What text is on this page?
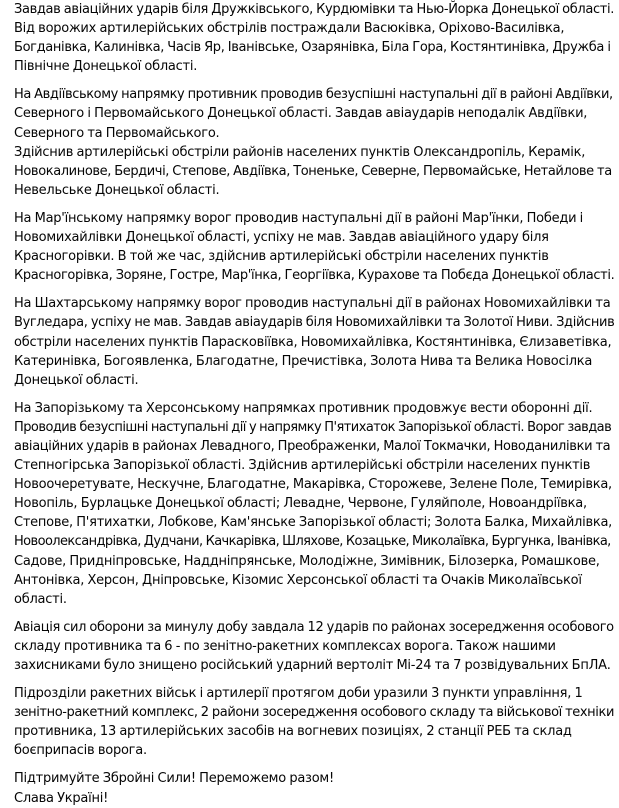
Завдав авіаційних ударів біля Дружківського, Курдюмівки та Нью-Йорка Донецької області.
Від ворожих артилерійських обстрілів постраждали Васюківка, Оріхово-Василівка,
Богданівка, Калинівка, Часів Яр, Іванівське, Озарянівка, Біла Гора, Костянтинівка, Дружба і
Північне Донецької області.

На Авдіївському напрямку противник проводив безуспішні наступальні дії в районі Авдіївки,
Северного і Первомайського Донецької області. Завдав авіаударів неподалік Авдіївки,
Северного та Первомайського.
Здійснив артилерійські обстріли районів населених пунктів Олександропіль, Керамік,
Новокалинове, Бердичі, Степове, Авдіївка, Тоненьке, Северне, Первомайське, Нетайлове та
Невельське Донецької області.

На Мар'їнському напрямку ворог проводив наступальні дії в районі Мар'їнки, Победи і
Новомихайлівки Донецької області, успіху не мав. Завдав авіаційного удару біля
Красногорівки. В той же час, здійснив артилерійські обстріли населених пунктів
Красногорівка, Зоряне, Гостре, Мар'їнка, Георгіївка, Курахове та Побєда Донецької області.

На Шахтарському напрямку ворог проводив наступальні дії в районах Новомихайлівки та
Вугледара, успіху не мав. Завдав авіаударів біля Новомихайлівки та Золотої Ниви. Здійснив
обстріли населених пунктів Парасковіївка, Новомихайлівка, Костянтинівка, Єлизаветівка,
Катеринівка, Богоявленка, Благодатне, Пречистівка, Золота Нива та Велика Новосілка
Донецької області.

На Запорізькому та Херсонському напрямках противник продовжує вести оборонні дії.
Проводив безуспішні наступальні дії у напрямку П'ятихаток Запорізької області. Ворог завдав
авіаційних ударів в районах Левадного, Преображенки, Малої Токмачки, Новоданилівки та
Степногірська Запорізької області. Здійснив артилерійські обстріли населених пунктів
Новоочеретувате, Нескучне, Благодатне, Макарівка, Сторожеве, Зелене Поле, Темирівка,
Новопіль, Бурлацьке Донецької області; Левадне, Червоне, Гуляйполе, Новоандріївка,
Степове, П'ятихатки, Лобкове, Кам'янське Запорізької області; Золота Балка, Михайлівка,
Новоолександрівка, Дудчани, Качкарівка, Шляхове, Козацьке, Миколаївка, Бургунка, Іванівка,
Садове, Придніпровське, Наддніпрянське, Молодіжне, Зимівник, Білозерка, Ромашкове,
Антонівка, Херсон, Дніпровське, Кізомис Херсонської області та Очаків Миколаївської
області.

Авіація сил оборони за минулу добу завдала 12 ударів по районах зосередження особового
складу противника та 6 - по зенітно-ракетних комплексах ворога. Також нашими
захисниками було знищено російський ударний вертоліт Мі-24 та 7 розвідувальних БпЛА.

Підрозділи ракетних військ і артилерії протягом доби уразили 3 пункти управління, 1
зенітно-ракетний комплекс, 2 райони зосередження особового складу та військової техніки
противника, 13 артилерійських засобів на вогневих позиціях, 2 станції РЕБ та склад
боєприпасів ворога.

Підтримуйте Збройні Сили! Переможемо разом!
Слава Україні!
